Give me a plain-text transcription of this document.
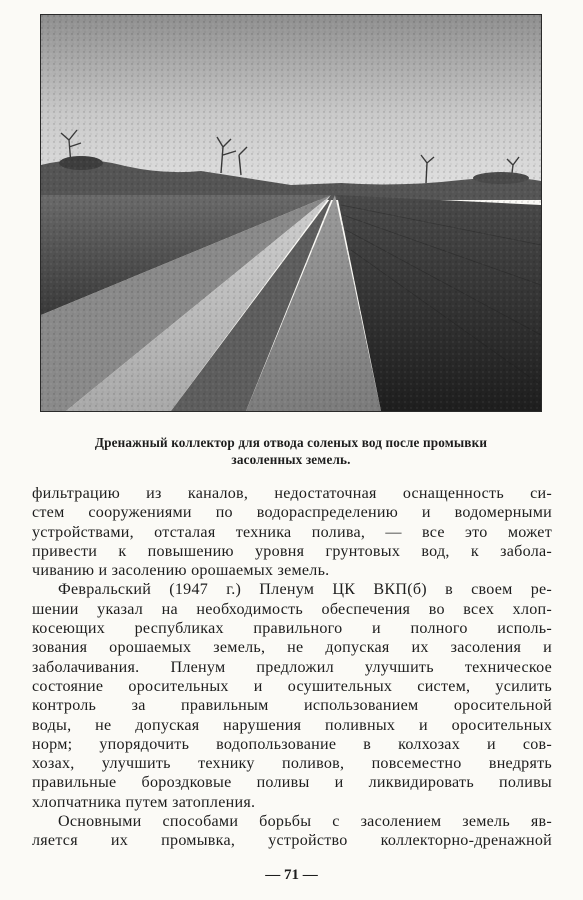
Дренажный коллектор для отвода соленых вод после промывки
засоленных земель.

фильтрацию из каналов, недостаточная оснащенность си-
стем сооружениями по водораспределению и водомерными
устройствами, отсталая техника полива, — все это может
привести к повышению уровня грунтовых вод, к забола-
чиванию и засолению орошаемых земель.

Февральский (1947 г.) Пленум ЦК ВКП(б) в своем ре-
шении указал на необходимость обеспечения во всех хлоп-
косеющих республиках правильного и полного исполь-
зования орошаемых земель, не допуская их засоления и
заболачивания. Пленум предложил улучшить техническое
состояние оросительных и осушительных систем, усилить
контроль за правильным использованием оросительной
воды, не допуская нарушения поливных и оросительных
норм; упорядочить водопользование в колхозах и сов-
хозах, улучшить технику поливов, повсеместно внедрять
правильные бороздковые поливы и ликвидировать поливы
хлопчатника путем затопления.

Основными способами борьбы с засолением земель яв-
ляется их промывка, устройство коллекторно-дренажной

— 71 —
